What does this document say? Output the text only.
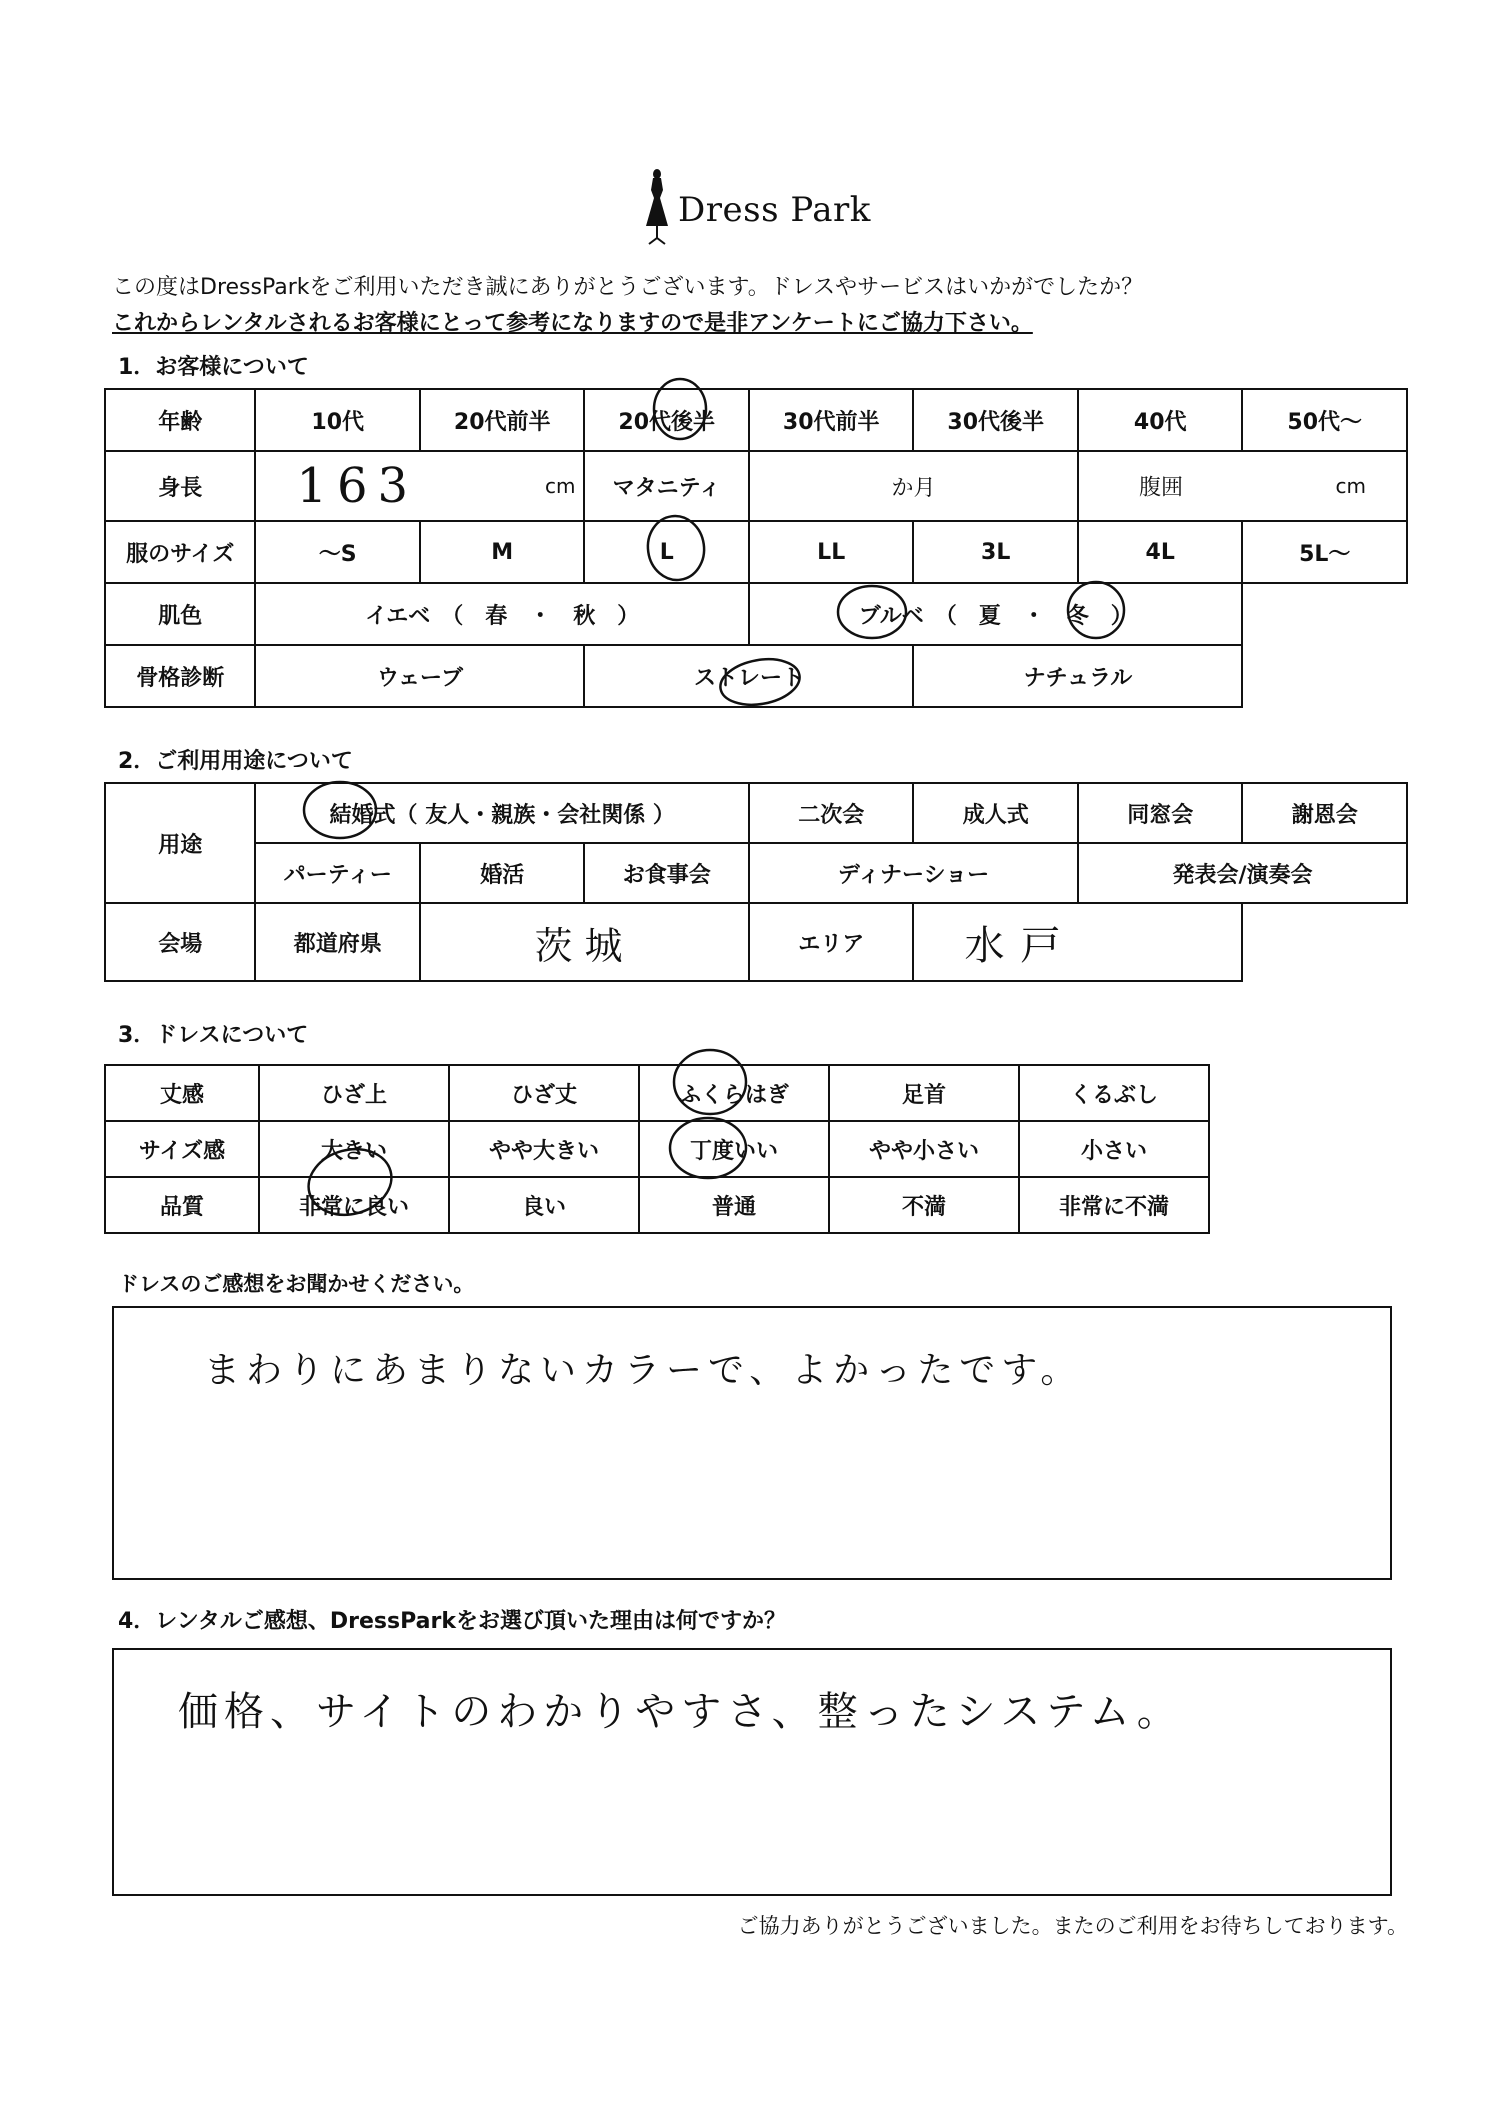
Dress Park
この度はDressParkをご利用いただき誠にありがとうございます。ドレスやサービスはいかがでしたか？
これからレンタルされるお客様にとって参考になりますので是非アンケートにご協力下さい。
1．お客様について
年齢	10代	20代前半	20代後半	30代前半	30代後半	40代	50代～
身長	163 cm		マタニティ	か月		腹囲 cm	

服のサイズ	～S	M	L	LL	3L	4L	5L～
肌色	イエベ　（　春　・　秋　）			ブルベ　（　夏　・　冬　）			
骨格診断	ウェーブ		ストレート		ナチュラル		
2．ご利用用途について
用途	結婚式（ 友人・親族・会社関係 ）			二次会	成人式	同窓会	謝恩会
	パーティー	婚活	お食事会	ディナーショー		発表会/演奏会	
会場	都道府県	茨城		エリア	水戸		
3．ドレスについて
丈感	ひざ上	ひざ丈	ふくらはぎ	足首	くるぶし
サイズ感	大きい	やや大きい	丁度いい	やや小さい	小さい
品質	非常に良い	良い	普通	不満	非常に不満
ドレスのご感想をお聞かせください。
まわりにあまりないカラーで、よかったです。
4．レンタルご感想、DressParkをお選び頂いた理由は何ですか？
価格、サイトのわかりやすさ、整ったシステム。
ご協力ありがとうございました。またのご利用をお待ちしております。
